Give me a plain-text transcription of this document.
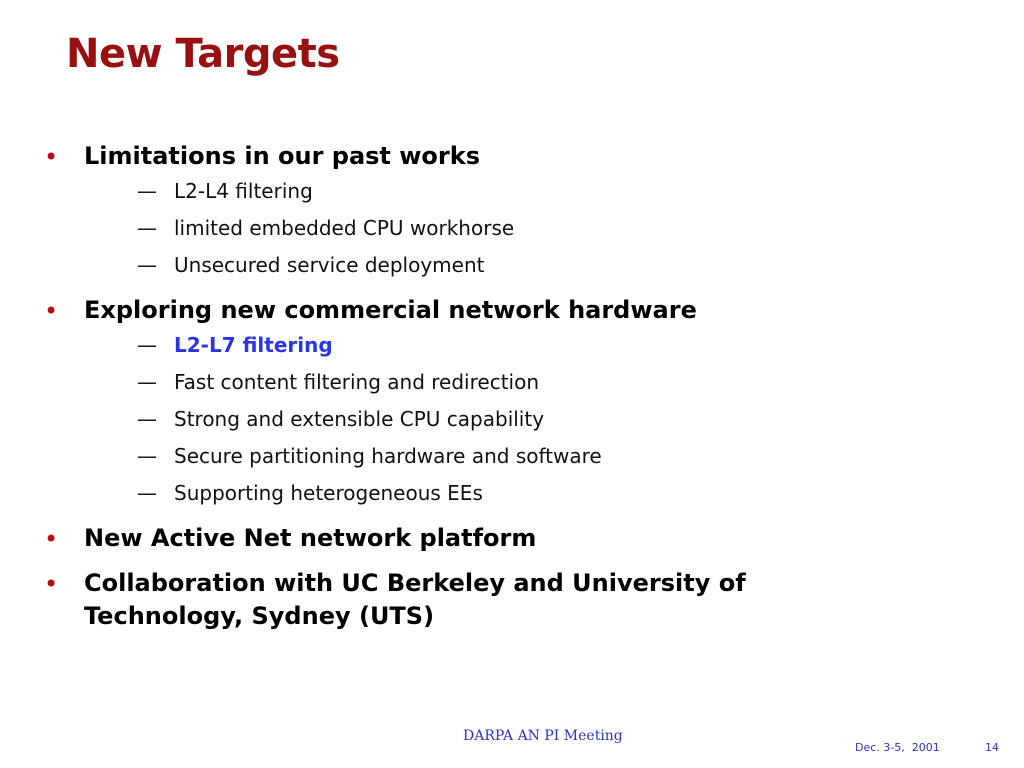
New Targets
• Limitations in our past works
— L2-L4 filtering
— limited embedded CPU workhorse
— Unsecured service deployment
• Exploring new commercial network hardware
— L2-L7 filtering
— Fast content filtering and redirection
— Strong and extensible CPU capability
— Secure partitioning hardware and software
— Supporting heterogeneous EEs
• New Active Net network platform
• Collaboration with UC Berkeley and University of Technology, Sydney (UTS)
DARPA AN PI Meeting
Dec. 3-5,  2001	14
